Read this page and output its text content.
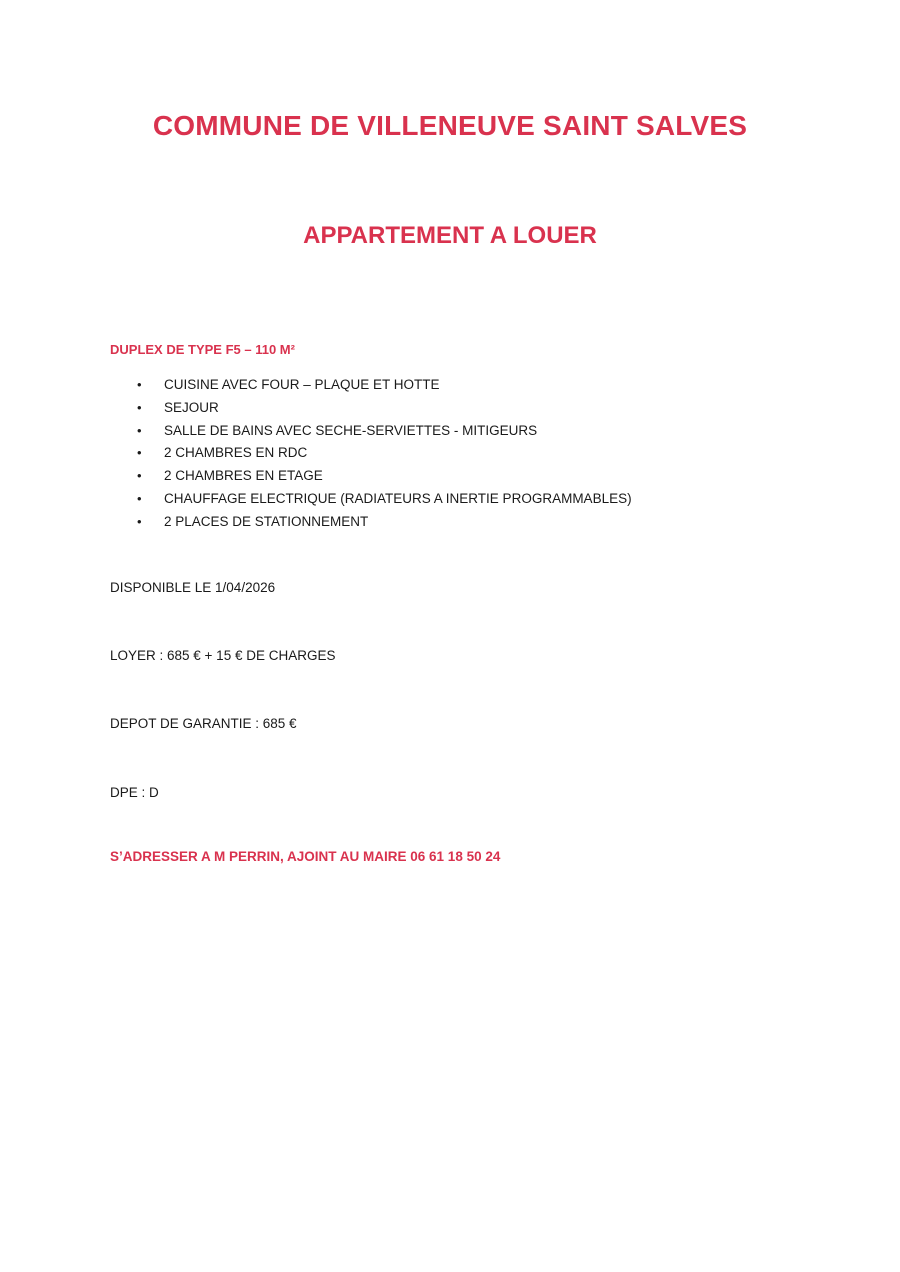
COMMUNE DE VILLENEUVE SAINT SALVES
APPARTEMENT A LOUER

DUPLEX DE TYPE F5 – 110 M²

• CUISINE AVEC FOUR – PLAQUE ET HOTTE
• SEJOUR
• SALLE DE BAINS AVEC SECHE-SERVIETTES - MITIGEURS
• 2 CHAMBRES EN RDC
• 2 CHAMBRES EN ETAGE
• CHAUFFAGE ELECTRIQUE (RADIATEURS A INERTIE PROGRAMMABLES)
• 2 PLACES DE STATIONNEMENT

DISPONIBLE LE 1/04/2026

LOYER : 685 € + 15 € DE CHARGES

DEPOT DE GARANTIE : 685 €

DPE : D

S’ADRESSER A M PERRIN, AJOINT AU MAIRE 06 61 18 50 24
